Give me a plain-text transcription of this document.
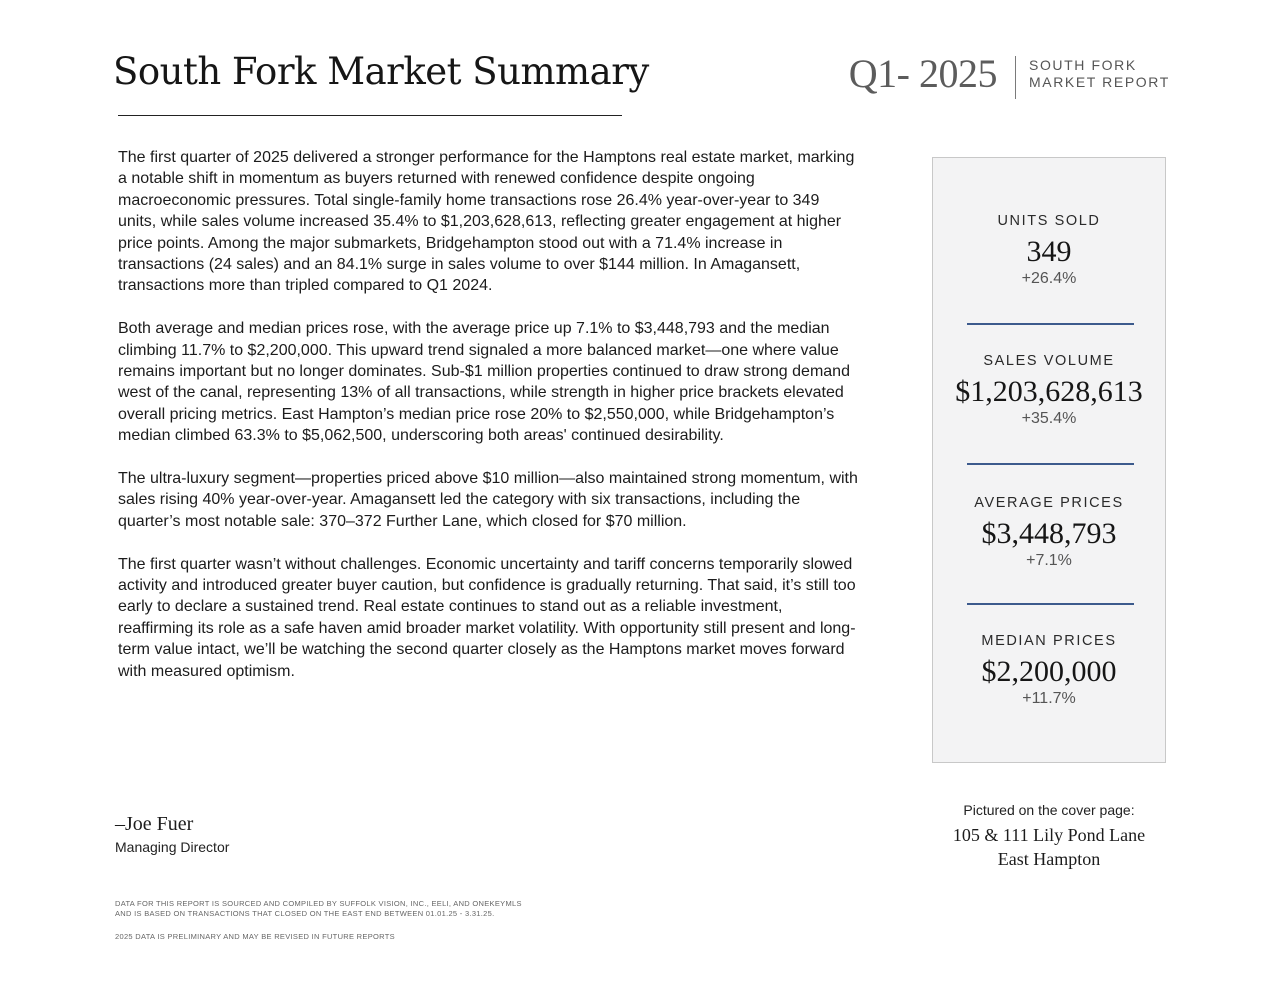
South Fork Market Summary	Q1- 2025 SOUTH FORK
MARKET REPORT

The first quarter of 2025 delivered a stronger performance for the Hamptons real estate market, marking a notable shift in momentum as buyers returned with renewed confidence despite ongoing macroeconomic pressures. Total single-family home transactions rose 26.4% year-over-year to 349 units, while sales volume increased 35.4% to $1,203,628,613, reflecting greater engagement at higher price points. Among the major submarkets, Bridgehampton stood out with a 71.4% increase in transactions (24 sales) and an 84.1% surge in sales volume to over $144 million. In Amagansett, transactions more than tripled compared to Q1 2024.

Both average and median prices rose, with the average price up 7.1% to $3,448,793 and the median climbing 11.7% to $2,200,000. This upward trend signaled a more balanced market—one where value remains important but no longer dominates. Sub-$1 million properties continued to draw strong demand west of the canal, representing 13% of all transactions, while strength in higher price brackets elevated overall pricing metrics. East Hampton’s median price rose 20% to $2,550,000, while Bridgehampton’s median climbed 63.3% to $5,062,500, underscoring both areas' continued desirability.

The ultra-luxury segment—properties priced above $10 million—also maintained strong momentum, with sales rising 40% year-over-year. Amagansett led the category with six transactions, including the quarter’s most notable sale: 370–372 Further Lane, which closed for $70 million.

The first quarter wasn’t without challenges. Economic uncertainty and tariff concerns temporarily slowed activity and introduced greater buyer caution, but confidence is gradually returning. That said, it’s still too early to declare a sustained trend. Real estate continues to stand out as a reliable investment, reaffirming its role as a safe haven amid broader market volatility. With opportunity still present and long-term value intact, we’ll be watching the second quarter closely as the Hamptons market moves forward with measured optimism.

UNITS SOLD
349
+26.4%
SALES VOLUME
$1,203,628,613
+35.4%
AVERAGE PRICES
$3,448,793
+7.1%
MEDIAN PRICES
$2,200,000
+11.7%
–Joe Fuer
Managing Director
Pictured on the cover page:
105 & 111 Lily Pond Lane
East Hampton
DATA FOR THIS REPORT IS SOURCED AND COMPILED BY SUFFOLK VISION, INC., EELI, AND ONEKEYMLS
AND IS BASED ON TRANSACTIONS THAT CLOSED ON THE EAST END BETWEEN 01.01.25 - 3.31.25.
2025 DATA IS PRELIMINARY AND MAY BE REVISED IN FUTURE REPORTS
